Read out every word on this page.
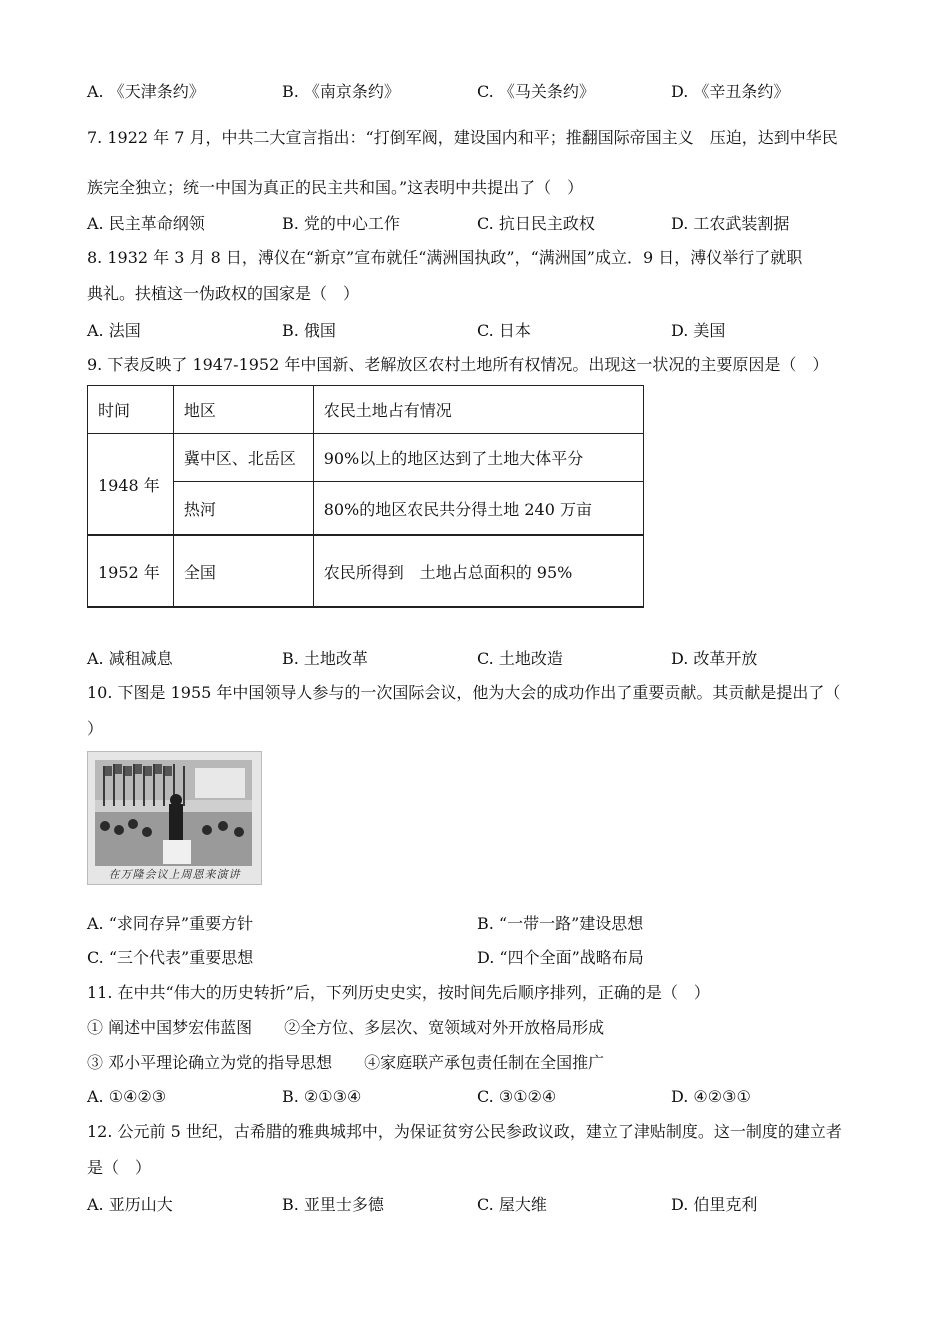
A. 《天津条约》	B. 《南京条约》	C. 《马关条约》	D. 《辛丑条约》
7. 1922 年 7 月，中共二大宣言指出：“打倒军阀，建设国内和平；推翻国际帝国主义　压迫，达到中华民
族完全独立；统一中国为真正的民主共和国。”这表明中共提出了（　）
A. 民主革命纲领	B. 党的中心工作	C. 抗日民主政权	D. 工农武装割据
8. 1932 年 3 月 8 日，溥仪在“新京”宣布就任“满洲国执政”，“满洲国”成立．9 日，溥仪举行了就职
典礼。扶植这一伪政权的国家是（　）
A. 法国	B. 俄国	C. 日本	D. 美国
9. 下表反映了 1947-1952 年中国新、老解放区农村土地所有权情况。出现这一状况的主要原因是（　）
时间	地区	农民土地占有情况
1948 年	冀中区、北岳区	90%以上的地区达到了土地大体平分
	热河	80%的地区农民共分得土地 240 万亩
1952 年	全国	农民所得到　土地占总面积的 95%
A. 减租减息	B. 土地改革	C. 土地改造	D. 改革开放
10. 下图是 1955 年中国领导人参与的一次国际会议，他为大会的成功作出了重要贡献。其贡献是提出了（
）
在万隆会议上周恩来演讲
A. “求同存异”重要方针	B. “一带一路”建设思想
C. “三个代表”重要思想	D. “四个全面”战略布局
11. 在中共“伟大的历史转折”后，下列历史史实，按时间先后顺序排列，正确的是（　）
① 阐述中国梦宏伟蓝图　　②全方位、多层次、宽领域对外开放格局形成
③ 邓小平理论确立为党的指导思想　　④家庭联产承包责任制在全国推广
A. ①④②③	B. ②①③④	C. ③①②④	D. ④②③①
12. 公元前 5 世纪，古希腊的雅典城邦中，为保证贫穷公民参政议政，建立了津贴制度。这一制度的建立者
是（　）
A. 亚历山大	B. 亚里士多德	C. 屋大维	D. 伯里克利
